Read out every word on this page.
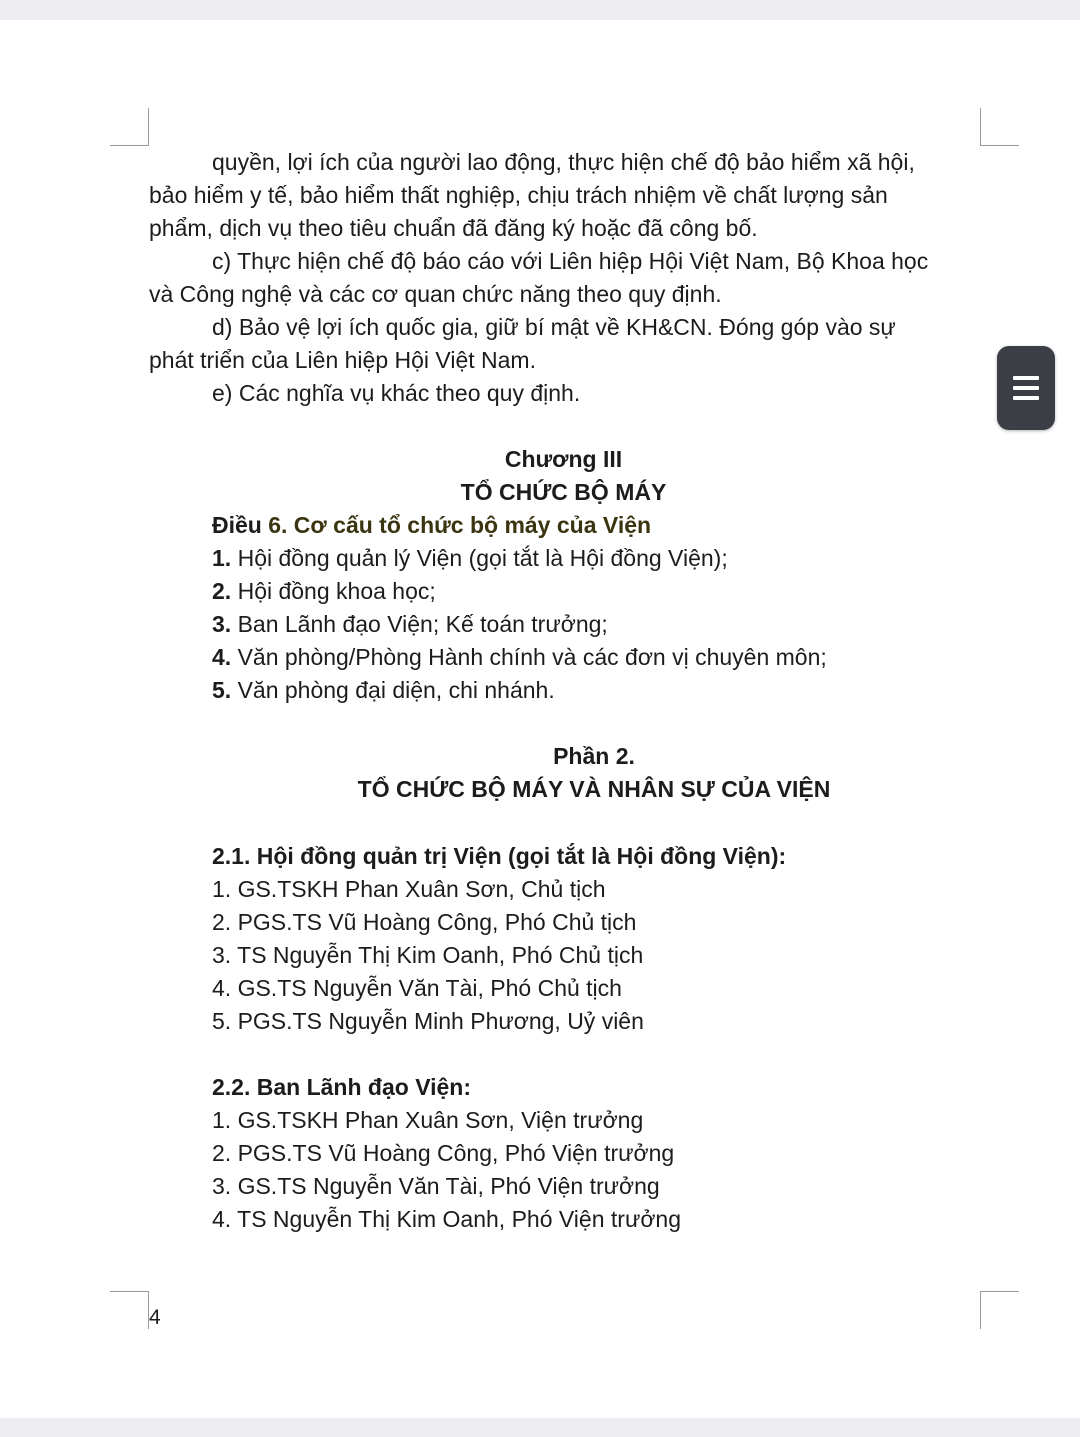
quyền, lợi ích của người lao động, thực hiện chế độ bảo hiểm xã hội,
bảo hiểm y tế, bảo hiểm thất nghiệp, chịu trách nhiệm về chất lượng sản
phẩm, dịch vụ theo tiêu chuẩn đã đăng ký hoặc đã công bố.
c) Thực hiện chế độ báo cáo với Liên hiệp Hội Việt Nam, Bộ Khoa học
và Công nghệ và các cơ quan chức năng theo quy định.
d) Bảo vệ lợi ích quốc gia, giữ bí mật về KH&CN. Đóng góp vào sự
phát triển của Liên hiệp Hội Việt Nam.
e) Các nghĩa vụ khác theo quy định.
Chương III
TỔ CHỨC BỘ MÁY
Điều 6. Cơ cấu tổ chức bộ máy của Viện
1. Hội đồng quản lý Viện (gọi tắt là Hội đồng Viện);
2. Hội đồng khoa học;
3. Ban Lãnh đạo Viện; Kế toán trưởng;
4. Văn phòng/Phòng Hành chính và các đơn vị chuyên môn;
5. Văn phòng đại diện, chi nhánh.
Phần 2.
TỔ CHỨC BỘ MÁY VÀ NHÂN SỰ CỦA VIỆN
2.1. Hội đồng quản trị Viện (gọi tắt là Hội đồng Viện):
1. GS.TSKH Phan Xuân Sơn, Chủ tịch
2. PGS.TS Vũ Hoàng Công, Phó Chủ tịch
3. TS Nguyễn Thị Kim Oanh, Phó Chủ tịch
4. GS.TS Nguyễn Văn Tài, Phó Chủ tịch
5. PGS.TS Nguyễn Minh Phương, Uỷ viên
2.2. Ban Lãnh đạo Viện:
1. GS.TSKH Phan Xuân Sơn, Viện trưởng
2. PGS.TS Vũ Hoàng Công, Phó Viện trưởng
3. GS.TS Nguyễn Văn Tài, Phó Viện trưởng
4. TS Nguyễn Thị Kim Oanh, Phó Viện trưởng
4
